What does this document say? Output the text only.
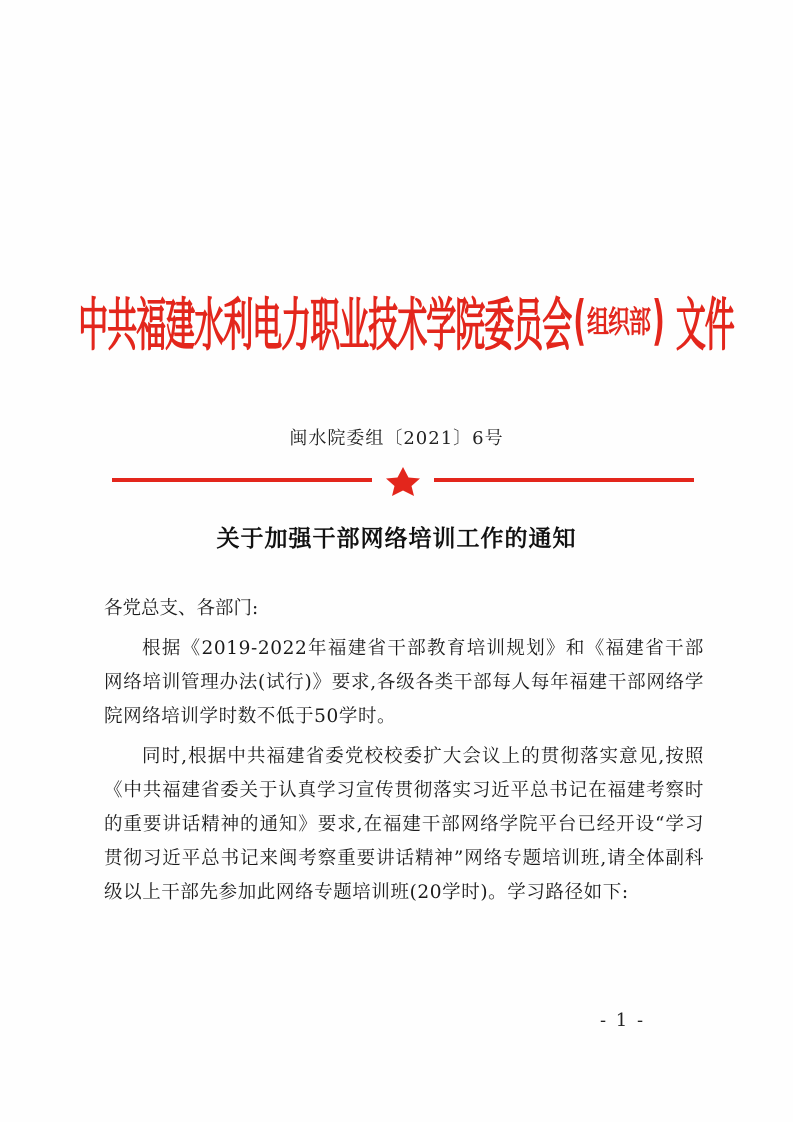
中共福建水利电力职业技术学院委员会 ( 组织部 ) 文件
闽水院委组〔2021〕6号
关于加强干部网络培训工作的通知

各党总支、各部门:

根据《2019-2022年福建省干部教育培训规划》和《福建省干部网络培训管理办法(试行)》要求,各级各类干部每人每年福建干部网络学院网络培训学时数不低于50学时。

同时,根据中共福建省委党校校委扩大会议上的贯彻落实意见,按照《中共福建省委关于认真学习宣传贯彻落实习近平总书记在福建考察时的重要讲话精神的通知》要求,在福建干部网络学院平台已经开设“学习贯彻习近平总书记来闽考察重要讲话精神”网络专题培训班,请全体副科级以上干部先参加此网络专题培训班(20学时)。学习路径如下:

- 1 -
